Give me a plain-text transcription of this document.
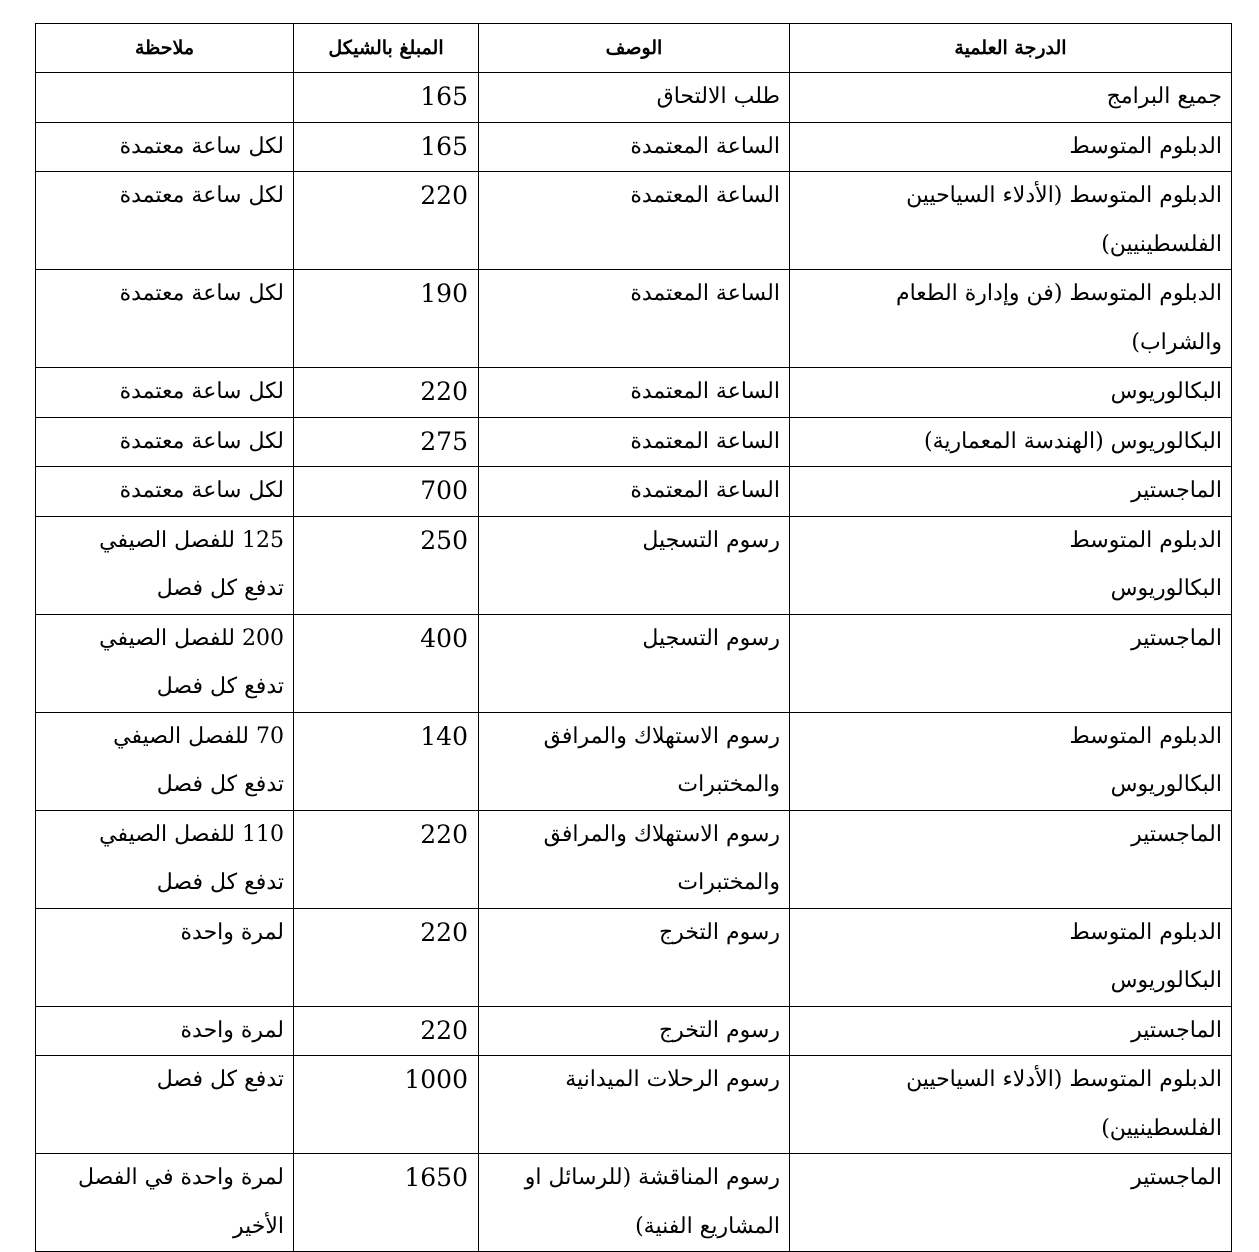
الدرجة العلمية	الوصف	المبلغ بالشيكل	ملاحظة

جميع البرامج	طلب الالتحاق	165	

الدبلوم المتوسط	الساعة المعتمدة	165	لكل ساعة معتمدة

الدبلوم المتوسط (الأدلاء السياحيين
الفلسطينيين)	الساعة المعتمدة	220	لكل ساعة معتمدة

الدبلوم المتوسط (فن وإدارة الطعام والشراب)	الساعة المعتمدة	190	لكل ساعة معتمدة

البكالوريوس	الساعة المعتمدة	220	لكل ساعة معتمدة

البكالوريوس (الهندسة المعمارية)	الساعة المعتمدة	275	لكل ساعة معتمدة

الماجستير	الساعة المعتمدة	700	لكل ساعة معتمدة

الدبلوم المتوسط
البكالوريوس	رسوم التسجيل	250	125 للفصل الصيفي
تدفع كل فصل

الماجستير	رسوم التسجيل	400	200 للفصل الصيفي
تدفع كل فصل

الدبلوم المتوسط
البكالوريوس	رسوم الاستهلاك والمرافق
والمختبرات	140	70 للفصل الصيفي
تدفع كل فصل

الماجستير	رسوم الاستهلاك والمرافق
والمختبرات	220	110 للفصل الصيفي
تدفع كل فصل

الدبلوم المتوسط
البكالوريوس	رسوم التخرج	220	لمرة واحدة

الماجستير	رسوم التخرج	220	لمرة واحدة

الدبلوم المتوسط (الأدلاء السياحيين
الفلسطينيين)	رسوم الرحلات الميدانية	1000	تدفع كل فصل

الماجستير	رسوم المناقشة (للرسائل او
المشاريع الفنية)	1650	لمرة واحدة في الفصل
الأخير
